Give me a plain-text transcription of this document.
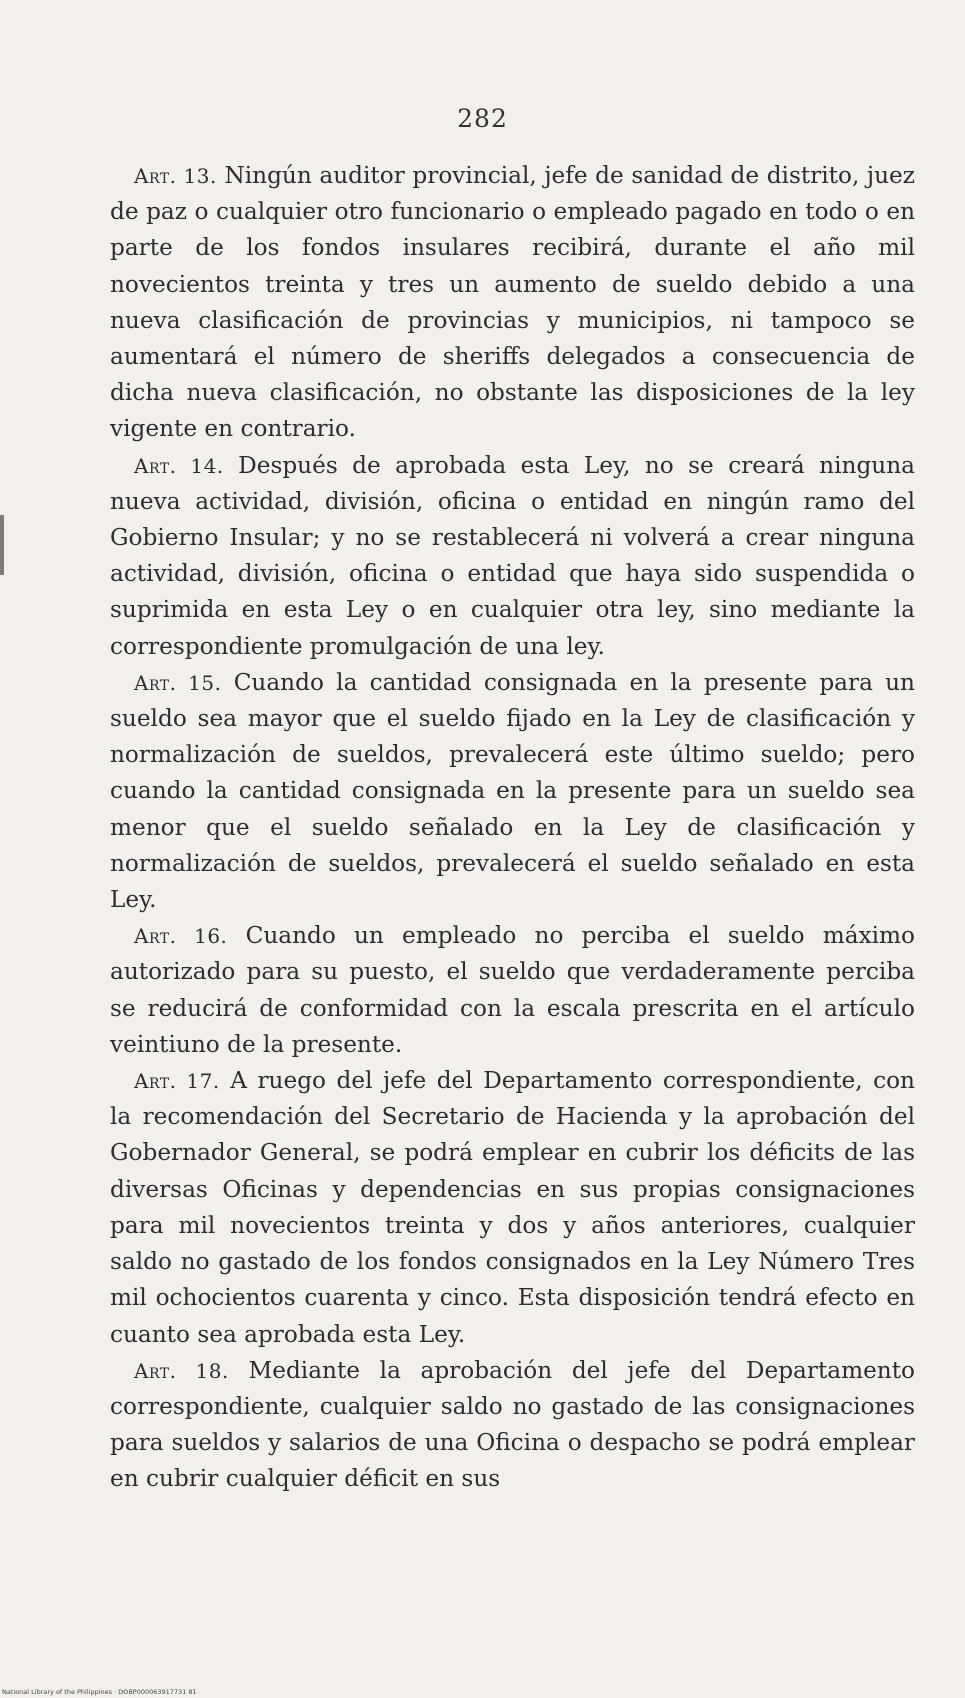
282

Art. 13. Ningún auditor provincial, jefe de sanidad de distrito, juez de paz o cualquier otro funcionario o empleado pagado en todo o en parte de los fondos insulares recibirá, durante el año mil novecientos treinta y tres un aumento de sueldo debido a una nueva clasificación de provincias y municipios, ni tampoco se aumentará el número de sheriffs delegados a consecuencia de dicha nueva clasificación, no obstante las disposiciones de la ley vigente en contrario.

Art. 14. Después de aprobada esta Ley, no se creará ninguna nueva actividad, división, oficina o entidad en ningún ramo del Gobierno Insular; y no se restablecerá ni volverá a crear ninguna actividad, división, oficina o entidad que haya sido suspendida o suprimida en esta Ley o en cualquier otra ley, sino mediante la correspondiente promulgación de una ley.

Art. 15. Cuando la cantidad consignada en la presente para un sueldo sea mayor que el sueldo fijado en la Ley de clasificación y normalización de sueldos, prevalecerá este último sueldo; pero cuando la cantidad consignada en la presente para un sueldo sea menor que el sueldo señalado en la Ley de clasificación y normalización de sueldos, prevalecerá el sueldo señalado en esta Ley.

Art. 16. Cuando un empleado no perciba el sueldo máximo autorizado para su puesto, el sueldo que verdaderamente perciba se reducirá de conformidad con la escala prescrita en el artículo veintiuno de la presente.

Art. 17. A ruego del jefe del Departamento correspondiente, con la recomendación del Secretario de Hacienda y la aprobación del Gobernador General, se podrá emplear en cubrir los déficits de las diversas Oficinas y dependencias en sus propias consignaciones para mil novecientos treinta y dos y años anteriores, cualquier saldo no gastado de los fondos consignados en la Ley Número Tres mil ochocientos cuarenta y cinco. Esta disposición tendrá efecto en cuanto sea aprobada esta Ley.

Art. 18. Mediante la aprobación del jefe del Departamento correspondiente, cualquier saldo no gastado de las consignaciones para sueldos y salarios de una Oficina o despacho se podrá emplear en cubrir cualquier déficit en sus

National Library of the Philippines · DOBP000063917731 81
